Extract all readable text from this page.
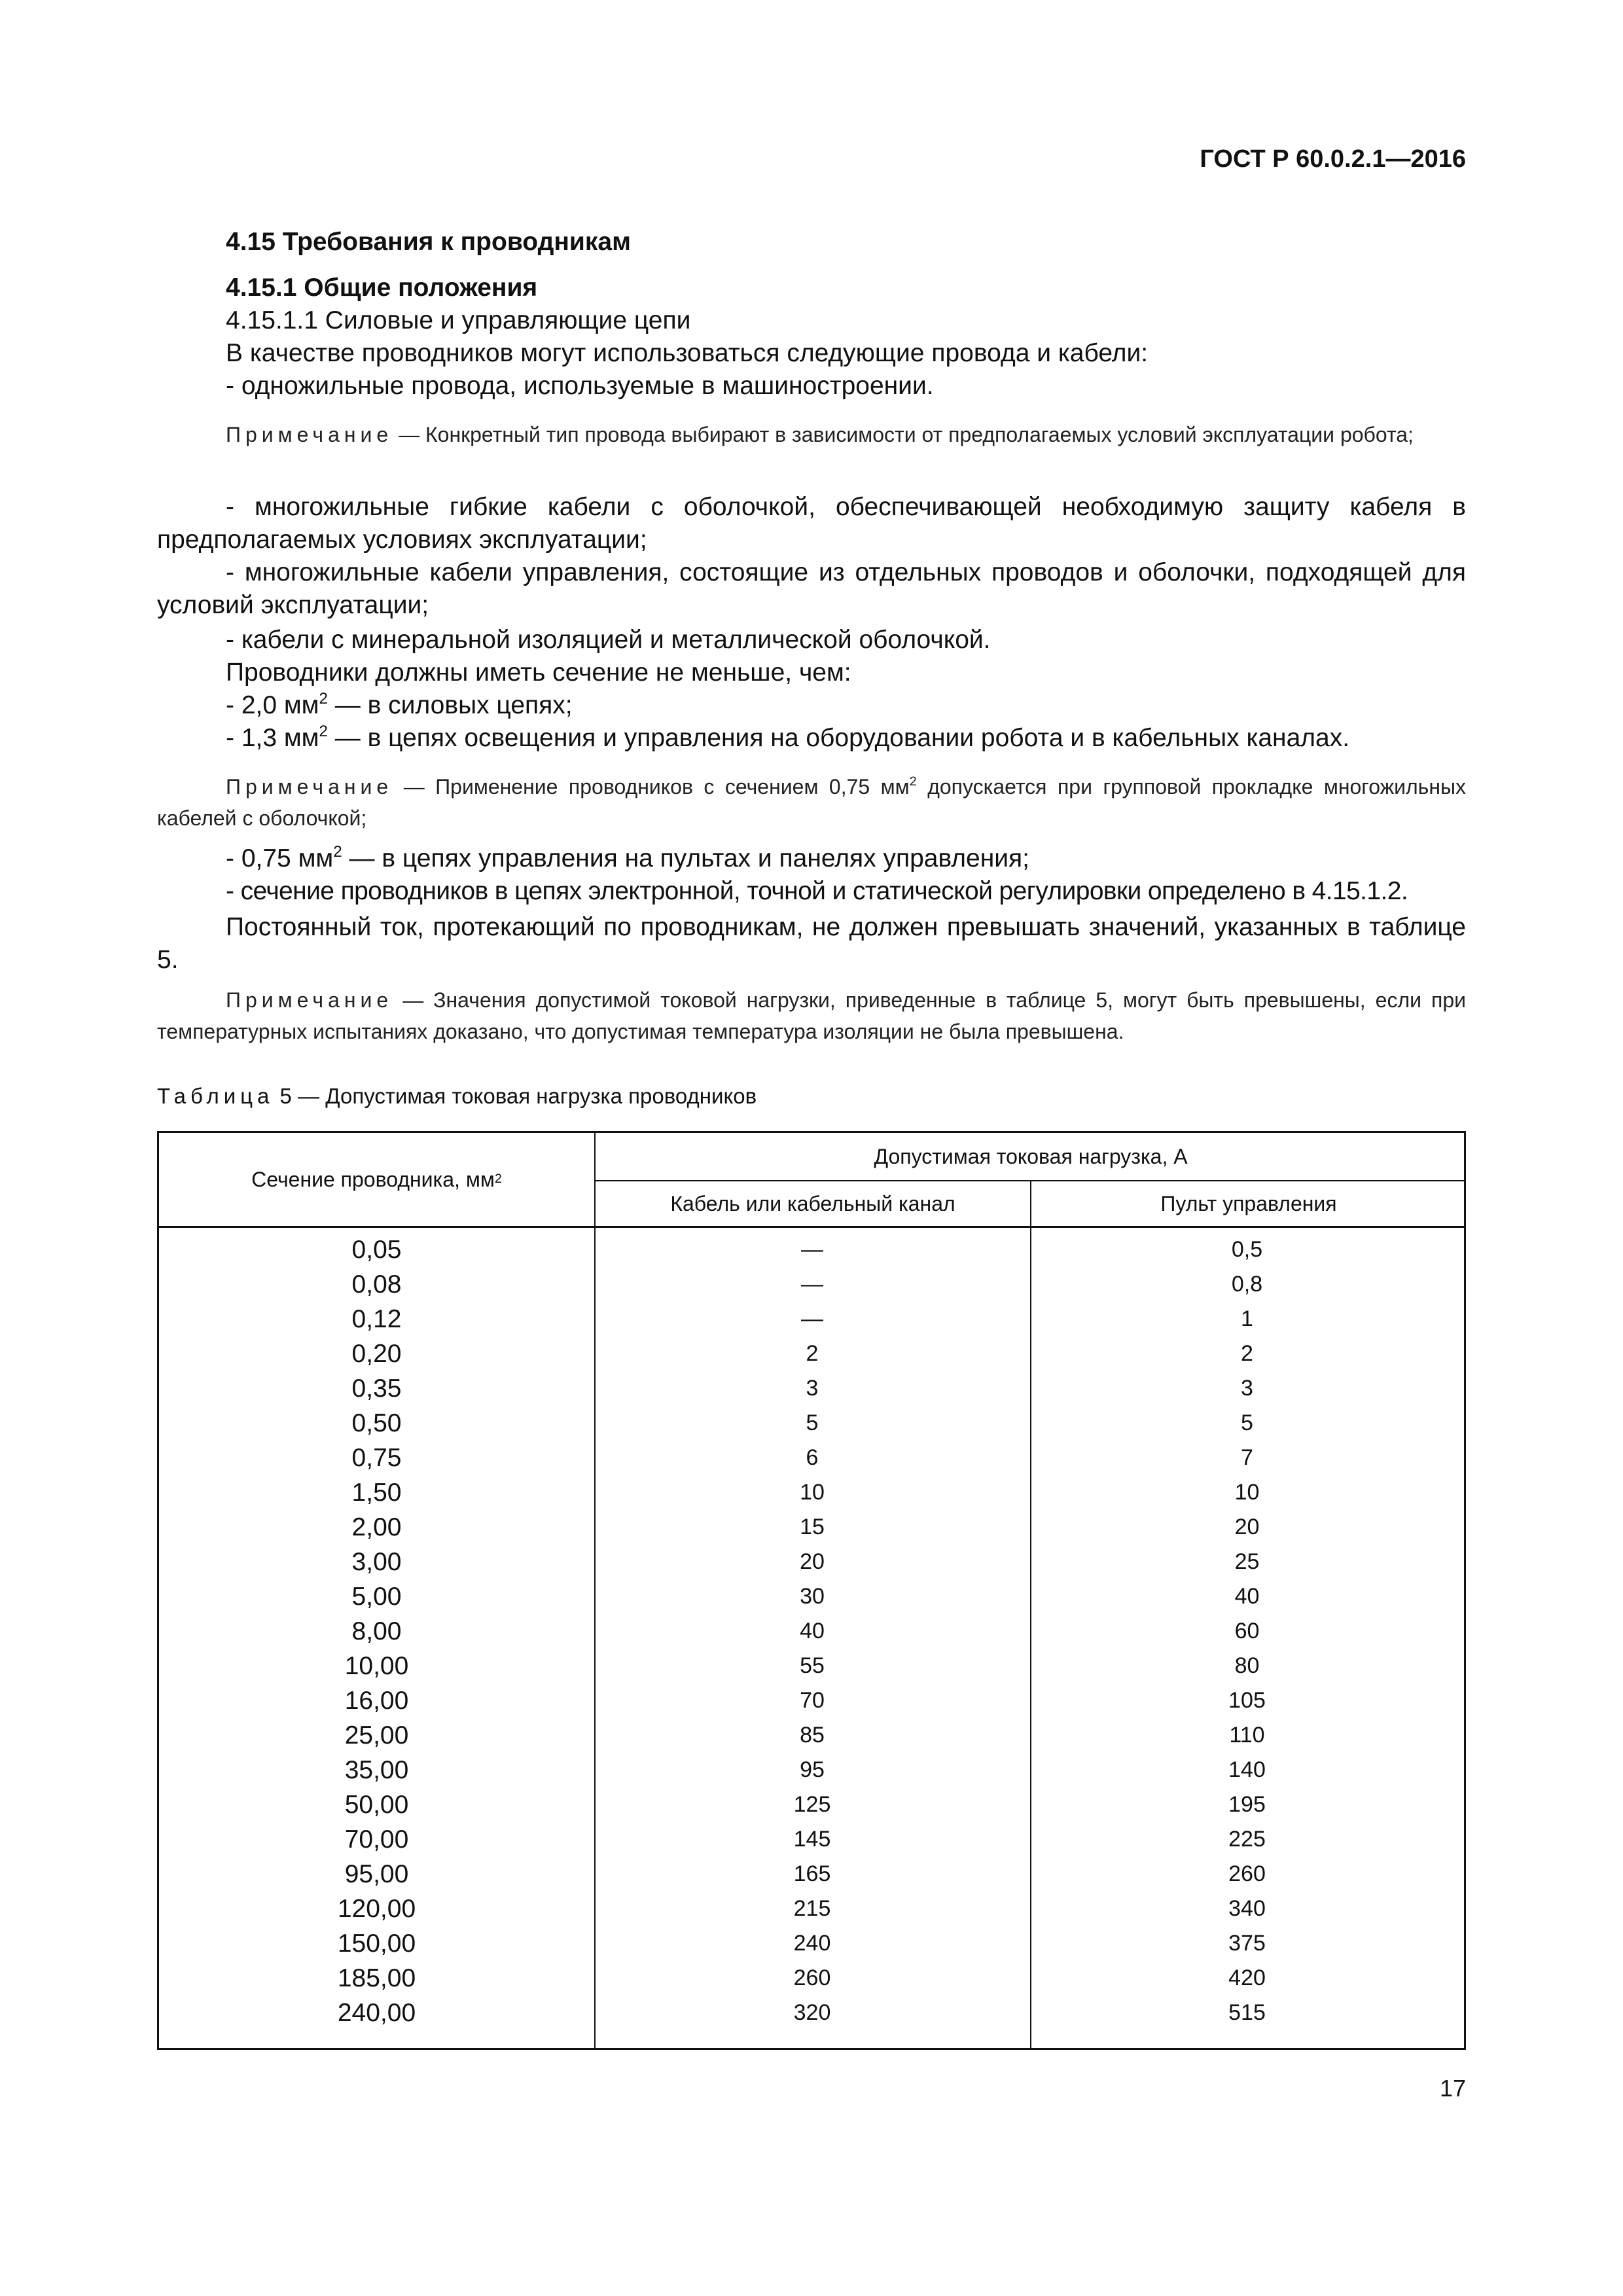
ГОСТ Р 60.0.2.1—2016
4.15 Требования к проводникам
4.15.1 Общие положения
4.15.1.1 Силовые и управляющие цепи
В качестве проводников могут использоваться следующие провода и кабели:
- одножильные провода, используемые в машиностроении.
Примечание — Конкретный тип провода выбирают в зависимости от предполагаемых условий эксплуатации робота;
- многожильные гибкие кабели с оболочкой, обеспечивающей необходимую защиту кабеля в предполагаемых условиях эксплуатации;
- многожильные кабели управления, состоящие из отдельных проводов и оболочки, подходящей для условий эксплуатации;
- кабели с минеральной изоляцией и металлической оболочкой.
Проводники должны иметь сечение не меньше, чем:
- 2,0 $мм^2$ — в силовых цепях;
- 1,3 $мм^2$ — в цепях освещения и управления на оборудовании робота и в кабельных каналах.
Примечание — Применение проводников с сечением 0,75 $мм^2$ допускается при групповой прокладке многожильных кабелей с оболочкой;
- 0,75 $мм^2$ — в цепях управления на пультах и панелях управления;
- сечение проводников в цепях электронной, точной и статической регулировки определено в 4.15.1.2.
Постоянный ток, протекающий по проводникам, не должен превышать значений, указанных в таблице 5.
Примечание — Значения допустимой токовой нагрузки, приведенные в таблице 5, могут быть превышены, если при температурных испытаниях доказано, что допустимая температура изоляции не была превышена.
Таблица 5 — Допустимая токовая нагрузка проводников
Сечение проводника, $мм^2$
Допустимая токовая нагрузка, А
Кабель или кабельный канал	Пульт управления
0,05	—	0,5
0,08	—	0,8
0,12	—	1
0,20	2	2
0,35	3	3
0,50	5	5
0,75	6	7
1,50	10	10
2,00	15	20
3,00	20	25
5,00	30	40
8,00	40	60
10,00	55	80
16,00	70	105
25,00	85	110
35,00	95	140
50,00	125	195
70,00	145	225
95,00	165	260
120,00	215	340
150,00	240	375
185,00	260	420
240,00	320	515
17
